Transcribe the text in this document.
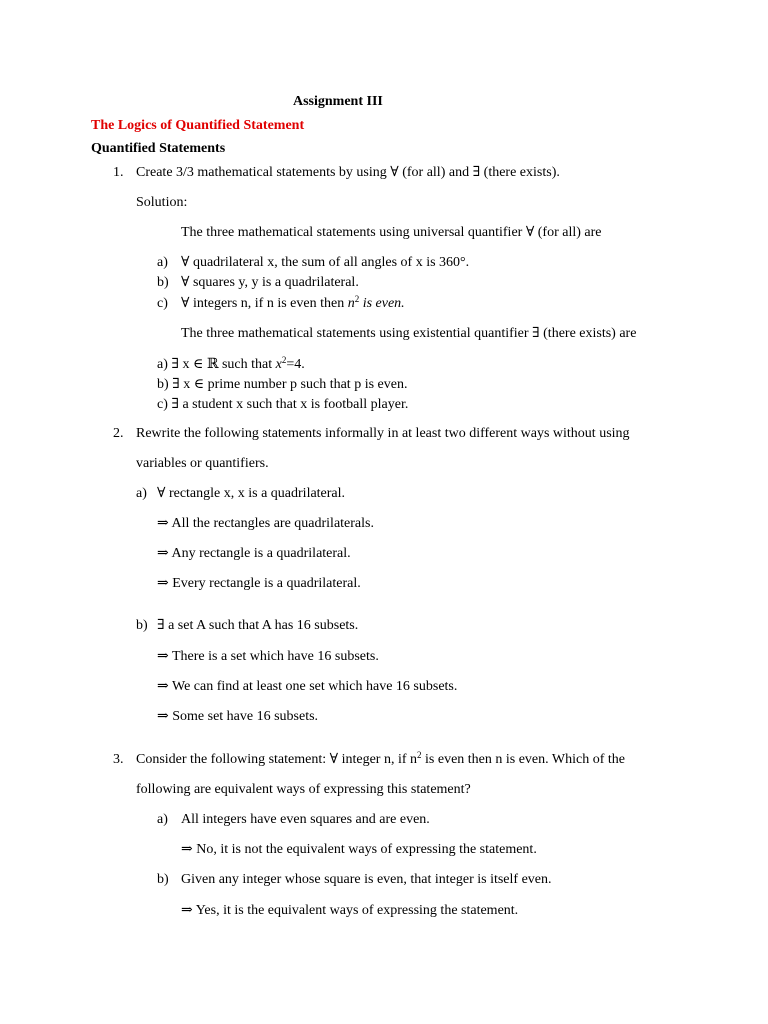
Assignment III
The Logics of Quantified Statement
Quantified Statements
1. Create 3/3 mathematical statements by using ∀ (for all) and ∃ (there exists).
Solution:
The three mathematical statements using universal quantifier ∀ (for all) are
a) ∀ quadrilateral x, the sum of all angles of x is 360°.
b) ∀ squares y, y is a quadrilateral.
c) ∀ integers n, if n is even then $n^2$ is even.
The three mathematical statements using existential quantifier ∃ (there exists) are
a) ∃ x ∈ ℝ such that $x^2=4$.
b) ∃ x ∈ prime number p such that p is even.
c) ∃ a student x such that x is football player.
2. Rewrite the following statements informally in at least two different ways without using
variables or quantifiers.
a) ∀ rectangle x, x is a quadrilateral.
⇒ All the rectangles are quadrilaterals.
⇒ Any rectangle is a quadrilateral.
⇒ Every rectangle is a quadrilateral.
b) ∃ a set A such that A has 16 subsets.
⇒ There is a set which have 16 subsets.
⇒ We can find at least one set which have 16 subsets.
⇒ Some set have 16 subsets.
3. Consider the following statement: ∀ integer n, if $n^2$ is even then n is even. Which of the
following are equivalent ways of expressing this statement?
a) All integers have even squares and are even.
⇒ No, it is not the equivalent ways of expressing the statement.
b) Given any integer whose square is even, that integer is itself even.
⇒ Yes, it is the equivalent ways of expressing the statement.
